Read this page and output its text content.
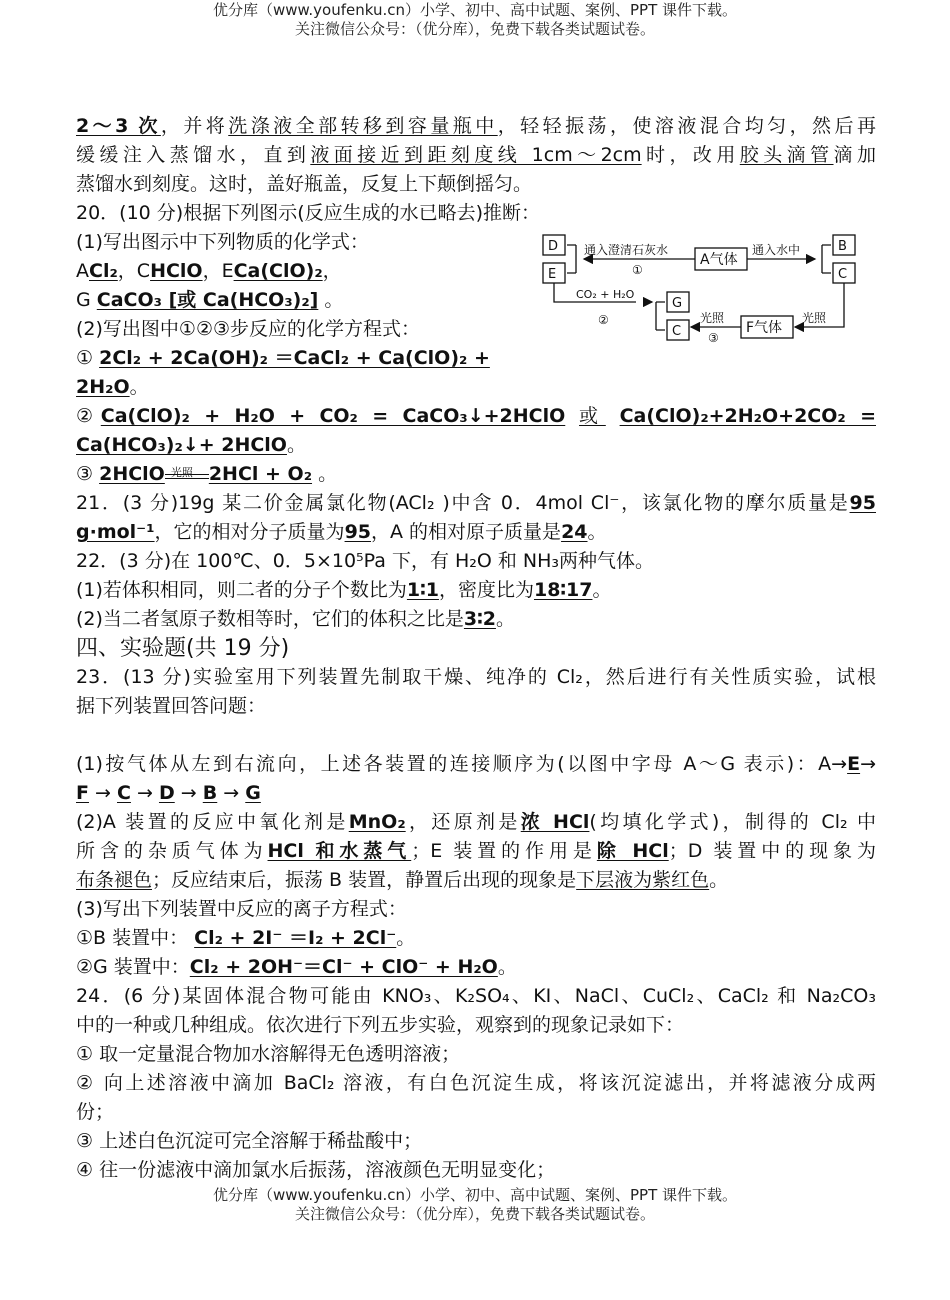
优分库（www.youfenku.cn）小学、初中、高中试题、案例、PPT 课件下载。
关注微信公众号：（优分库），免费下载各类试题试卷。
2～3 次，并将洗涤液全部转移到容量瓶中，轻轻振荡，使溶液混合均匀，然后再
缓缓注入蒸馏水，直到液面接近到距刻度线 1cm～2cm时，改用胶头滴管滴加
蒸馏水到刻度。这时，盖好瓶盖，反复上下颠倒摇匀。
20．(10 分)根据下列图示(反应生成的水已略去)推断：
(1)写出图示中下列物质的化学式：
ACl₂，CHClO，ECa(ClO)₂，
G CaCO₃ [或 Ca(HCO₃)₂] 。
(2)写出图中①②③步反应的化学方程式：
① 2Cl₂ + 2Ca(OH)₂ ＝CaCl₂ + Ca(ClO)₂ +
2H₂O。
②Ca(ClO)₂ + H₂O + CO₂ = CaCO₃↓+2HClO 或 Ca(ClO)₂+2H₂O+2CO₂ =
Ca(HCO₃)₂↓+ 2HClO。
③ 2HClO 光照 2HCl + O₂ 。
21．(3 分)19g 某二价金属氯化物(ACl₂ )中含 0．4mol Cl⁻，该氯化物的摩尔质量是95
g·mol⁻¹，它的相对分子质量为95，A 的相对原子质量是24。
22．(3 分)在 100℃、0．5×10⁵Pa 下，有 H₂O 和 NH₃两种气体。
(1)若体积相同，则二者的分子个数比为1∶1，密度比为18∶17。
(2)当二者氢原子数相等时，它们的体积之比是3∶2。
四、实验题(共 19 分)
23．(13 分)实验室用下列装置先制取干燥、纯净的 Cl₂，然后进行有关性质实验，试根
据下列装置回答问题：
(1)按气体从左到右流向，上述各装置的连接顺序为(以图中字母 A～G 表示)：A→E→
F → C → D → B → G
(2)A 装置的反应中氧化剂是MnO₂，还原剂是浓 HCl(均填化学式)，制得的 Cl₂ 中
所含的杂质气体为HCl 和水蒸气；E 装置的作用是除 HCl；D 装置中的现象为
布条褪色；反应结束后，振荡 B 装置，静置后出现的现象是下层液为紫红色。
(3)写出下列装置中反应的离子方程式：
①B 装置中： Cl₂ + 2I⁻ ＝I₂ + 2Cl⁻。
②G 装置中：Cl₂ + 2OH⁻＝Cl⁻ + ClO⁻ + H₂O。
24．(6 分)某固体混合物可能由 KNO₃、K₂SO₄、KI、NaCl、CuCl₂、CaCl₂ 和 Na₂CO₃
中的一种或几种组成。依次进行下列五步实验，观察到的现象记录如下：
① 取一定量混合物加水溶解得无色透明溶液；
② 向上述溶液中滴加 BaCl₂ 溶液，有白色沉淀生成，将该沉淀滤出，并将滤液分成两
份；
③ 上述白色沉淀可完全溶解于稀盐酸中；
④ 往一份滤液中滴加氯水后振荡，溶液颜色无明显变化；
D
E
A气体
B
C
G
C	F气体
通入澄清石灰水
①
通入水中
CO₂ + H₂O
②	光照
③
光照
优分库（www.youfenku.cn）小学、初中、高中试题、案例、PPT 课件下载。
关注微信公众号：（优分库），免费下载各类试题试卷。
